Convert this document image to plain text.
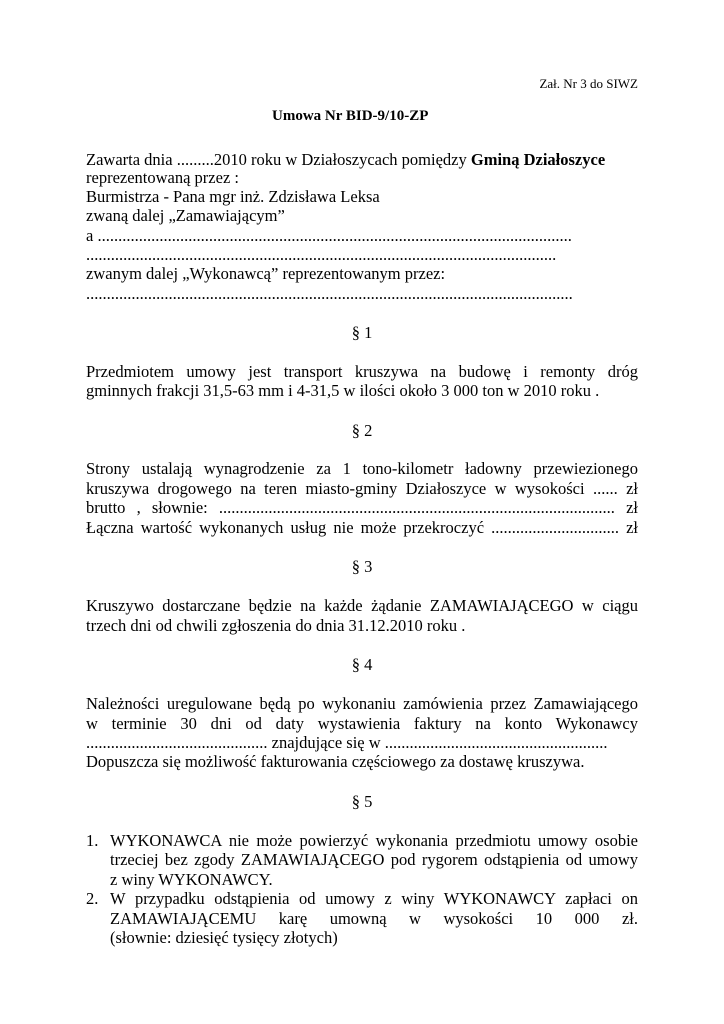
Zał. Nr 3 do SIWZ
Umowa Nr BID-9/10-ZP
Zawarta dnia .........2010 roku w Działoszycach pomiędzy Gminą Działoszyce
reprezentowaną przez :
Burmistrza - Pana mgr inż. Zdzisława Leksa
zwaną dalej „Zamawiającym”
a ...................................................................................................................
..................................................................................................................
zwanym dalej „Wykonawcą” reprezentowanym przez:
......................................................................................................................
§ 1
Przedmiotem umowy jest transport kruszywa na budowę i remonty dróg
gminnych frakcji 31,5-63 mm i 4-31,5 w ilości około 3 000 ton w 2010 roku .
§ 2
Strony ustalają wynagrodzenie za 1 tono-kilometr ładowny przewiezionego
kruszywa drogowego na teren miasto-gminy Działoszyce w wysokości ...... zł
brutto , słownie: ................................................................................................ zł
Łączna wartość wykonanych usług nie może przekroczyć ............................... zł
§ 3
Kruszywo dostarczane będzie na każde żądanie ZAMAWIAJĄCEGO w ciągu
trzech dni od chwili zgłoszenia do dnia 31.12.2010 roku .
§ 4
Należności uregulowane będą po wykonaniu zamówienia przez Zamawiającego
w terminie 30 dni od daty wystawienia faktury na konto Wykonawcy
............................................ znajdujące się w ......................................................
Dopuszcza się możliwość fakturowania częściowego za dostawę kruszywa.
§ 5
1. WYKONAWCA nie może powierzyć wykonania przedmiotu umowy osobie
trzeciej bez zgody ZAMAWIAJĄCEGO pod rygorem odstąpienia od umowy
z winy WYKONAWCY.
2. W przypadku odstąpienia od umowy z winy WYKONAWCY zapłaci on
ZAMAWIAJĄCEMU karę umowną w wysokości 10 000 zł.
(słownie: dziesięć tysięcy złotych)
